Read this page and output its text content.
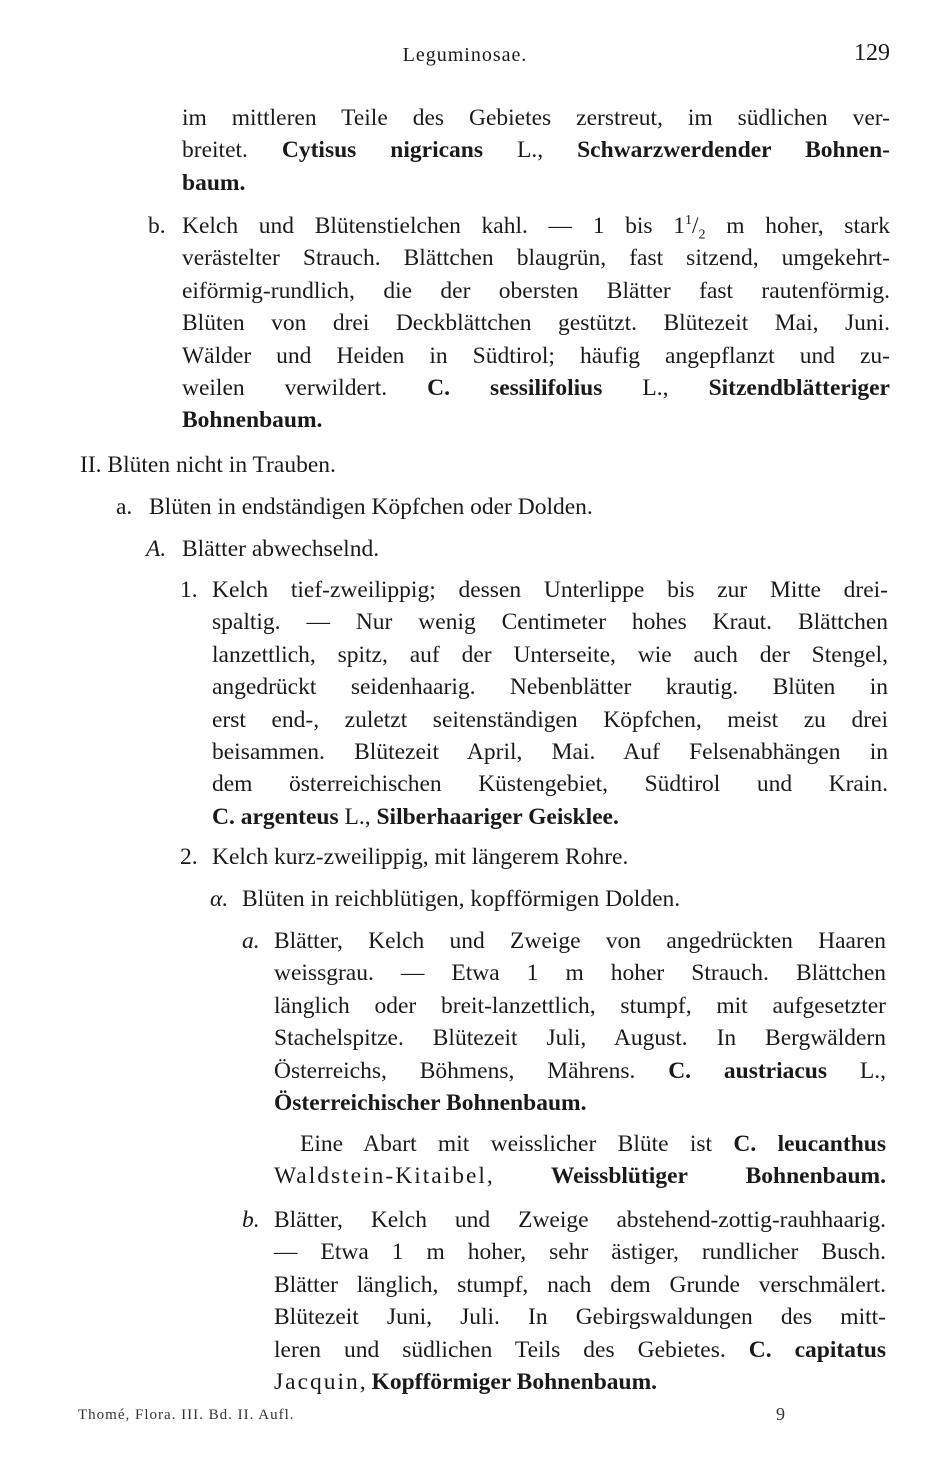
Leguminosae.	129
im mittleren Teile des Gebietes zerstreut, im südlichen ver-
breitet. Cytisus nigricans L., Schwarzwerdender Bohnen-
baum.
b. Kelch und Blütenstielchen kahl. — 1 bis $1^1/_2$ m hoher, stark
verästelter Strauch. Blättchen blaugrün, fast sitzend, umgekehrt-
eiförmig-rundlich, die der obersten Blätter fast rautenförmig.
Blüten von drei Deckblättchen gestützt. Blütezeit Mai, Juni.
Wälder und Heiden in Südtirol; häufig angepflanzt und zu-
weilen verwildert. C. sessilifolius L., Sitzendblätteriger
Bohnenbaum.
II. Blüten nicht in Trauben.
a. Blüten in endständigen Köpfchen oder Dolden.
A. Blätter abwechselnd.
1. Kelch tief-zweilippig; dessen Unterlippe bis zur Mitte drei-
spaltig. — Nur wenig Centimeter hohes Kraut. Blättchen
lanzettlich, spitz, auf der Unterseite, wie auch der Stengel,
angedrückt seidenhaarig. Nebenblätter krautig. Blüten in
erst end-, zuletzt seitenständigen Köpfchen, meist zu drei
beisammen. Blütezeit April, Mai. Auf Felsenabhängen in
dem österreichischen Küstengebiet, Südtirol und Krain.
C. argenteus L., Silberhaariger Geisklee.
2. Kelch kurz-zweilippig, mit längerem Rohre.
α. Blüten in reichblütigen, kopfförmigen Dolden.
a. Blätter, Kelch und Zweige von angedrückten Haaren
weissgrau. — Etwa 1 m hoher Strauch. Blättchen
länglich oder breit-lanzettlich, stumpf, mit aufgesetzter
Stachelspitze. Blütezeit Juli, August. In Bergwäldern
Österreichs, Böhmens, Mährens. C. austriacus L.,
Österreichischer Bohnenbaum.
Eine Abart mit weisslicher Blüte ist C. leucanthus
Waldstein-Kitaibel, Weissblütiger Bohnenbaum.
b. Blätter, Kelch und Zweige abstehend-zottig-rauhhaarig.
— Etwa 1 m hoher, sehr ästiger, rundlicher Busch.
Blätter länglich, stumpf, nach dem Grunde verschmälert.
Blütezeit Juni, Juli. In Gebirgswaldungen des mitt-
leren und südlichen Teils des Gebietes. C. capitatus
Jacquin, Kopfförmiger Bohnenbaum.
Thomé, Flora. III. Bd. II. Aufl.	9
